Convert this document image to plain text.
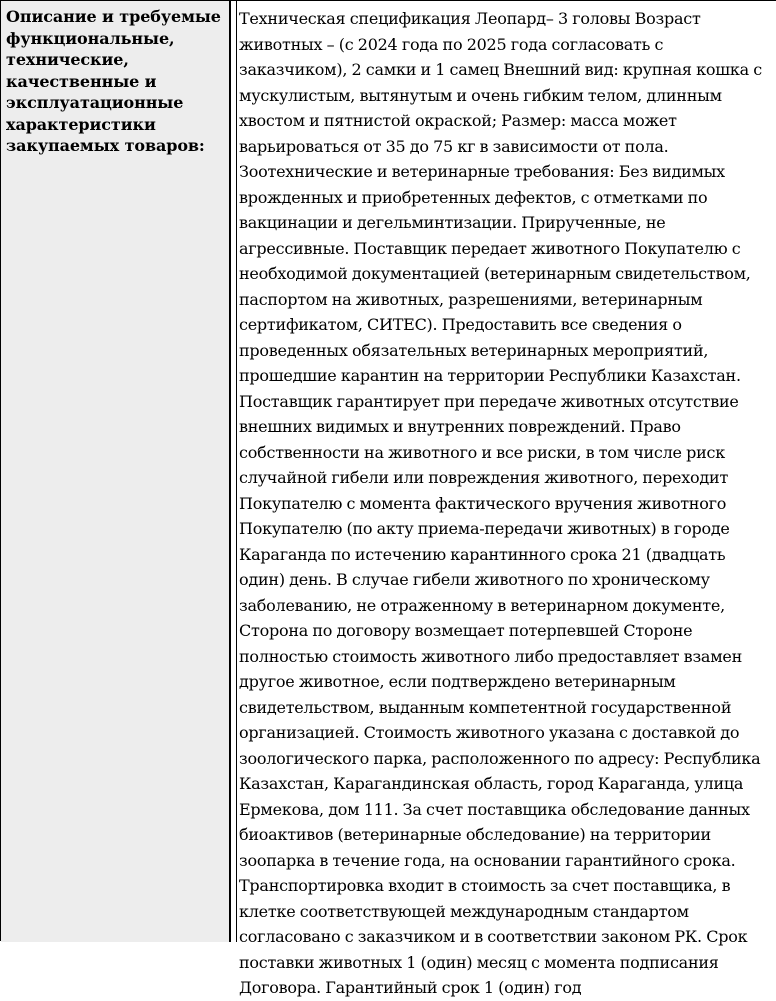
Описание и требуемые функциональные, технические, качественные и эксплуатационные характеристики закупаемых товаров:

Техническая спецификация Леопард– 3 головы Возраст животных – (с 2024 года по 2025 года согласовать с заказчиком), 2 самки и 1 самец Внешний вид: крупная кошка с мускулистым, вытянутым и очень гибким телом, длинным хвостом и пятнистой окраской; Размер: масса может варьироваться от 35 до 75 кг в зависимости от пола. Зоотехнические и ветеринарные требования: Без видимых врожденных и приобретенных дефектов, с отметками по вакцинации и дегельминтизации. Прирученные, не агрессивные. Поставщик передает животного Покупателю с необходимой документацией (ветеринарным свидетельством, паспортом на животных, разрешениями, ветеринарным сертификатом, СИТЕС). Предоставить все сведения о проведенных обязательных ветеринарных мероприятий, прошедшие карантин на территории Республики Казахстан. Поставщик гарантирует при передаче животных отсутствие внешних видимых и внутренних повреждений. Право собственности на животного и все риски, в том числе риск случайной гибели или повреждения животного, переходит Покупателю с момента фактического вручения животного Покупателю (по акту приема-передачи животных) в городе Караганда по истечению карантинного срока 21 (двадцать один) день. В случае гибели животного по хроническому заболеванию, не отраженному в ветеринарном документе, Сторона по договору возмещает потерпевшей Стороне полностью стоимость животного либо предоставляет взамен другое животное, если подтверждено ветеринарным свидетельством, выданным компетентной государственной организацией. Стоимость животного указана с доставкой до зоологического парка, расположенного по адресу: Республика Казахстан, Карагандинская область, город Караганда, улица Ермекова, дом 111. За счет поставщика обследование данных биоактивов (ветеринарные обследование) на территории зоопарка в течение года, на основании гарантийного срока. Транспортировка входит в стоимость за счет поставщика, в клетке соответствующей международным стандартом согласовано с заказчиком и в соответствии законом РК. Срок поставки животных 1 (один) месяц с момента подписания Договора. Гарантийный срок 1 (один) год
